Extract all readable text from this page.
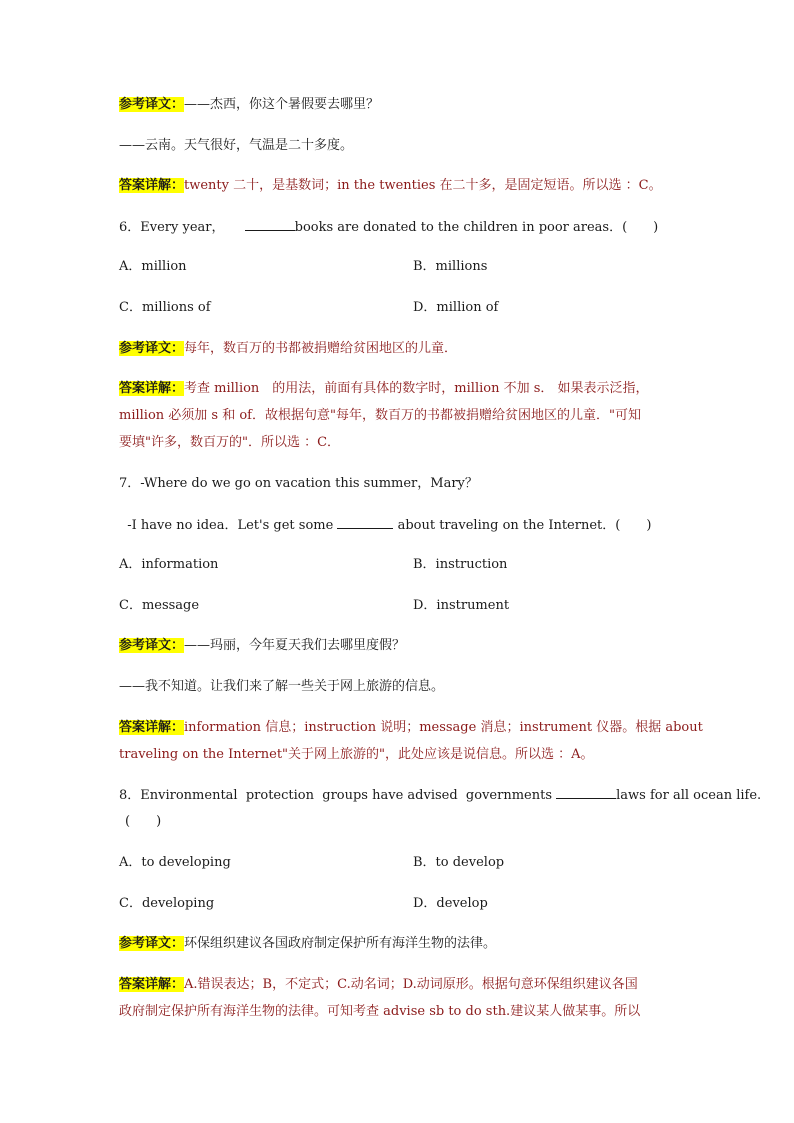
参考译文：——杰西，你这个暑假要去哪里？
——云南。天气很好，气温是二十多度。
答案详解：twenty 二十，是基数词；in the twenties 在二十多，是固定短语。所以选 ：C。
6．Every year，	books are donated to the children in poor areas．(　　)
A．million	B．millions
C．millions of	D．million of
参考译文：每年，数百万的书都被捐赠给贫困地区的儿童．
答案详解：考查 million　的用法，前面有具体的数字时，million 不加 s． 如果表示泛指，
million 必须加 s 和 of．故根据句意"每年，数百万的书都被捐赠给贫困地区的儿童．"可知
要填"许多，数百万的"．所以选 ：C．
7．-Where do we go on vacation this summer，Mary？
-I have no idea．Let's get some	about traveling on the Internet．(　　)
A．information	B．instruction
C．message	D．instrument
参考译文：——玛丽，今年夏天我们去哪里度假？
——我不知道。让我们来了解一些关于网上旅游的信息。
答案详解：information 信息；instruction 说明；message 消息；instrument 仪器。根据 about
traveling on the Internet"关于网上旅游的"，此处应该是说信息。所以选 ：A。
8．Environmental  protection  groups have advised  governments	laws for all ocean life.
(　　)
A．to developing	B．to develop
C．developing	D．develop
参考译文：环保组织建议各国政府制定保护所有海洋生物的法律。
答案详解：A.错误表达；B，不定式；C.动名词；D.动词原形。根据句意环保组织建议各国
政府制定保护所有海洋生物的法律。可知考查 advise sb to do sth.建议某人做某事。所以
